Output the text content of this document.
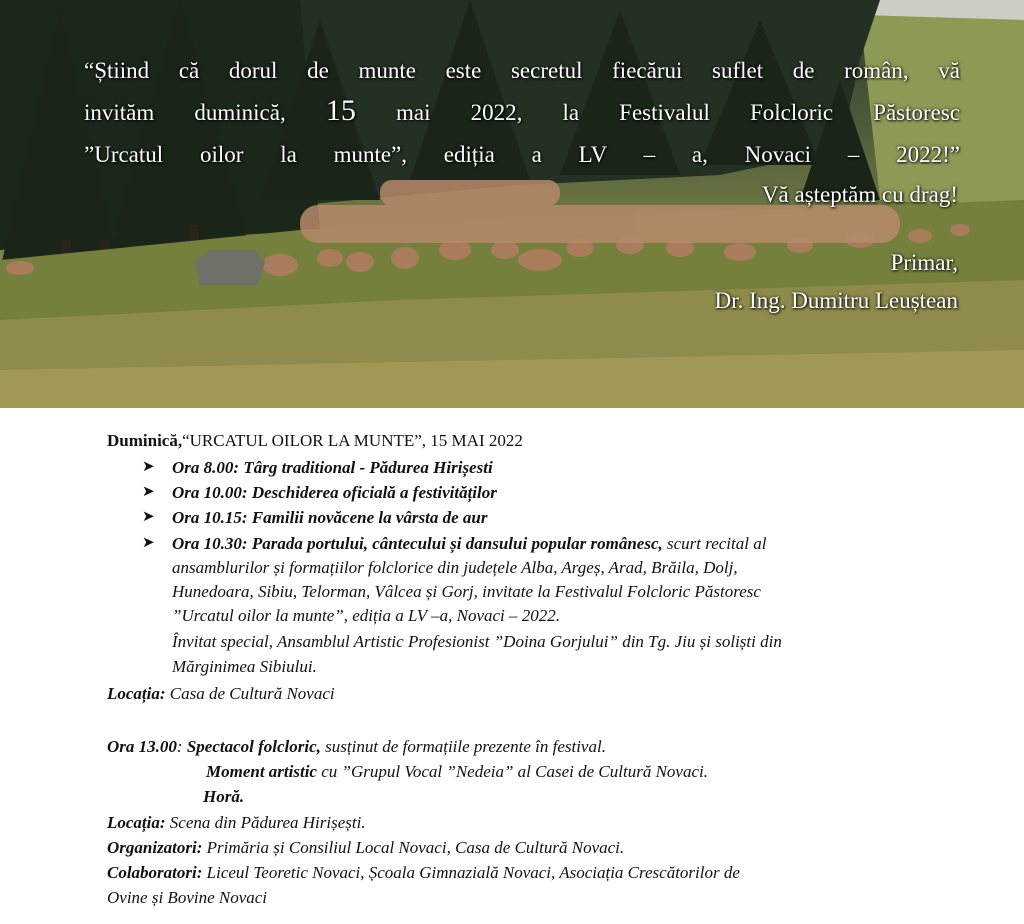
“Știind că dorul de munte este secretul fiecărui suflet de român, vă
invităm duminică, 15 mai 2022, la Festivalul Folcloric Păstoresc
”Urcatul oilor la munte”, ediția a LV – a, Novaci – 2022!”
Vă așteptăm cu drag!
Primar,
Dr. Ing. Dumitru Leuștean
Duminică,“URCATUL OILOR LA MUNTE”, 15 MAI 2022
➤ Ora 8.00: Târg traditional - Pădurea Hirișesti
➤ Ora 10.00: Deschiderea oficială a festivităților
➤ Ora 10.15: Familii novăcene la vârsta de aur
➤ Ora 10.30: Parada portului, cântecului și dansului popular românesc, scurt recital al
ansamblurilor și formațiilor folclorice din județele Alba, Argeș, Arad, Brăila, Dolj,
Hunedoara, Sibiu, Telorman, Vâlcea și Gorj, invitate la Festivalul Folcloric Păstoresc
”Urcatul oilor la munte”, ediția a LV –a, Novaci – 2022.
Învitat special, Ansamblul Artistic Profesionist ”Doina Gorjului” din Tg. Jiu și soliști din
Mărginimea Sibiului.
Locația: Casa de Cultură Novaci
Ora 13.00: Spectacol folcloric, susținut de formațiile prezente în festival.
Moment artistic cu ”Grupul Vocal ”Nedeia” al Casei de Cultură Novaci.
Horă.
Locația: Scena din Pădurea Hirișești.
Organizatori: Primăria și Consiliul Local Novaci, Casa de Cultură Novaci.
Colaboratori: Liceul Teoretic Novaci, Școala Gimnazială Novaci, Asociația Crescătorilor de
Ovine și Bovine Novaci
